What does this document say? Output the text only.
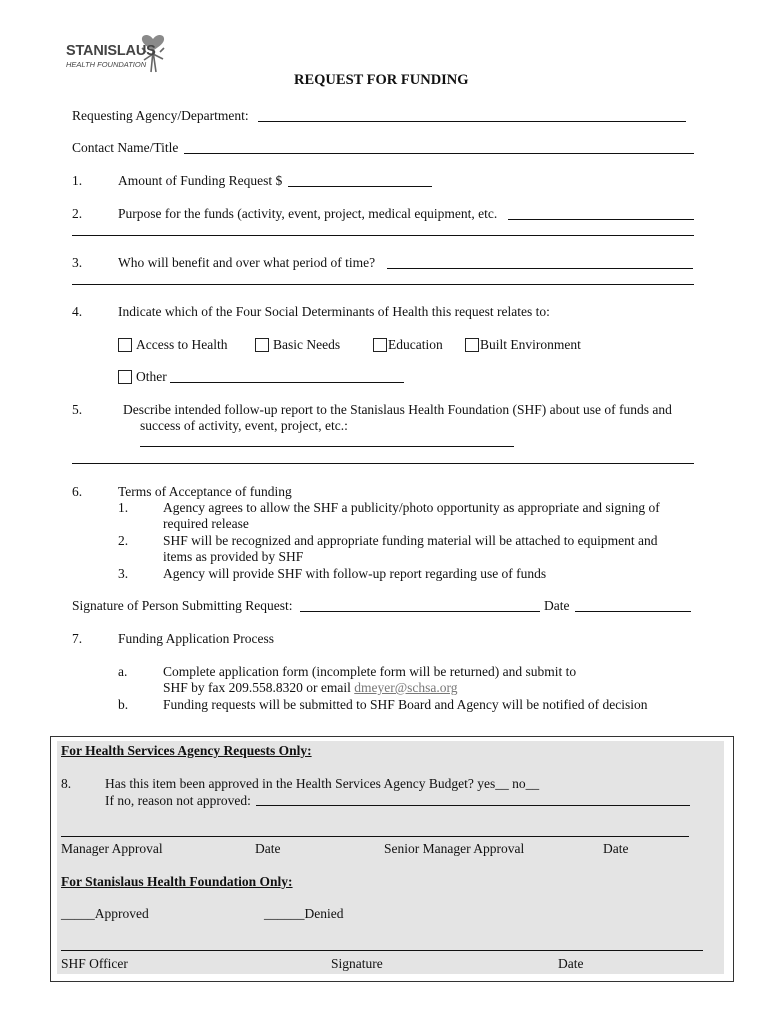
STANISLAUS
HEALTH FOUNDATION
REQUEST FOR FUNDING
Requesting Agency/Department:
Contact Name/Title
1.	Amount of Funding Request $
2.	Purpose for the funds (activity, event, project, medical equipment, etc.
3.	Who will benefit and over what period of time?
4.	Indicate which of the Four Social Determinants of Health this request relates to:
Access to Health	Basic Needs	Education	Built Environment
Other
5.	Describe intended follow-up report to the Stanislaus Health Foundation (SHF) about use of funds and
success of activity, event, project, etc.:
6.	Terms of Acceptance of funding
1.	Agency agrees to allow the SHF a publicity/photo opportunity as appropriate and signing of
required release
2.	SHF will be recognized and appropriate funding material will be attached to equipment and
items as provided by SHF
3.	Agency will provide SHF with follow-up report regarding use of funds
Signature of Person Submitting Request:	Date
7.	Funding Application Process
a.	Complete application form (incomplete form will be returned) and submit to
SHF by fax 209.558.8320 or email dmeyer@schsa.org
b.	Funding requests will be submitted to SHF Board and Agency will be notified of decision
For Health Services Agency Requests Only:
8.	Has this item been approved in the Health Services Agency Budget? yes__ no__
If no, reason not approved:
Manager Approval	Date	Senior Manager Approval	Date
For Stanislaus Health Foundation Only:
_____Approved	______Denied
SHF Officer	Signature	Date
